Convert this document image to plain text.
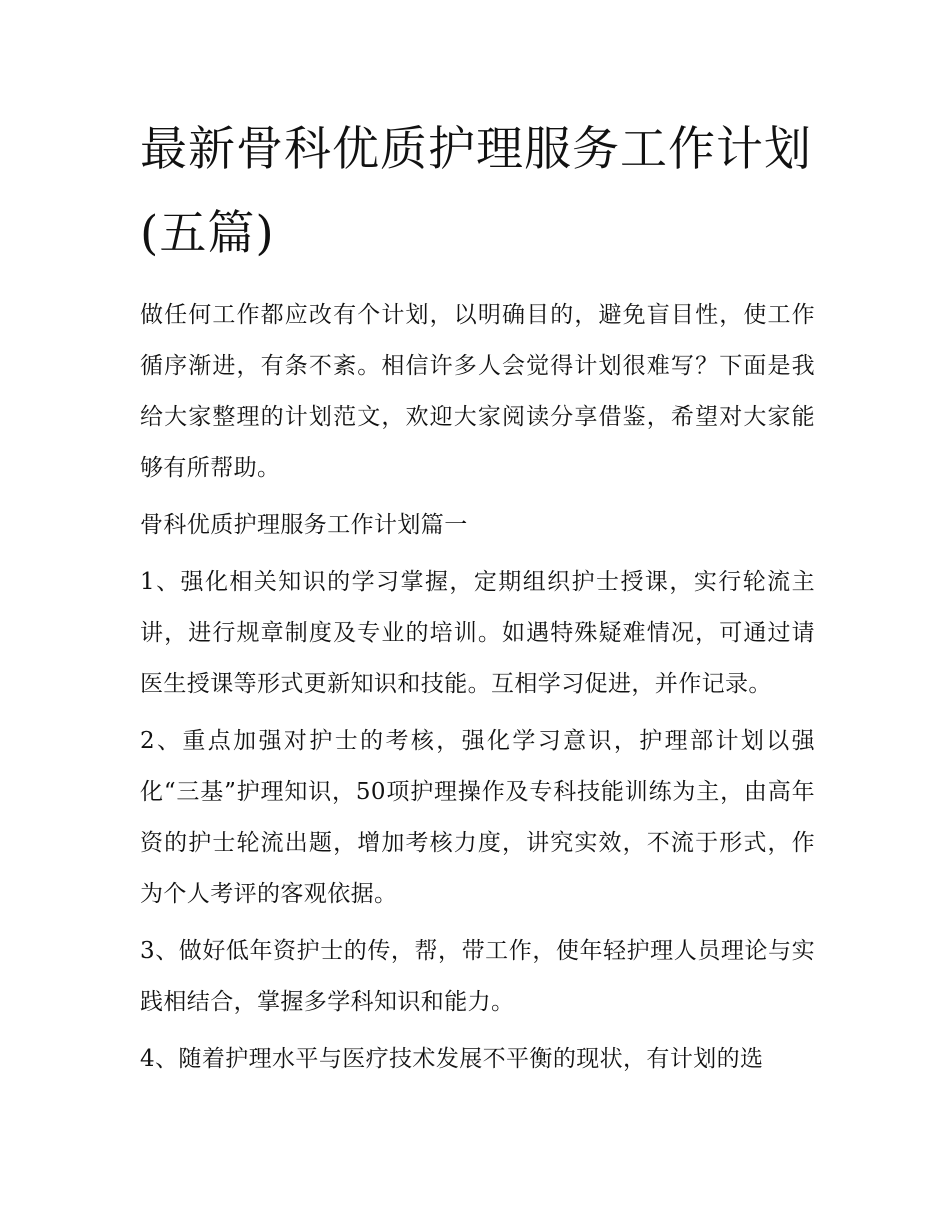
最新骨科优质护理服务工作计划(五篇)

做任何工作都应改有个计划，以明确目的，避免盲目性，使工作循序渐进，有条不紊。相信许多人会觉得计划很难写？下面是我给大家整理的计划范文，欢迎大家阅读分享借鉴，希望对大家能够有所帮助。

骨科优质护理服务工作计划篇一

1、强化相关知识的学习掌握，定期组织护士授课，实行轮流主讲，进行规章制度及专业的培训。如遇特殊疑难情况，可通过请医生授课等形式更新知识和技能。互相学习促进，并作记录。

2、重点加强对护士的考核，强化学习意识，护理部计划以强化“三基”护理知识，50项护理操作及专科技能训练为主，由高年资的护士轮流出题，增加考核力度，讲究实效，不流于形式，作为个人考评的客观依据。

3、做好低年资护士的传，帮，带工作，使年轻护理人员理论与实践相结合，掌握多学科知识和能力。

4、随着护理水平与医疗技术发展不平衡的现状，有计划的选
